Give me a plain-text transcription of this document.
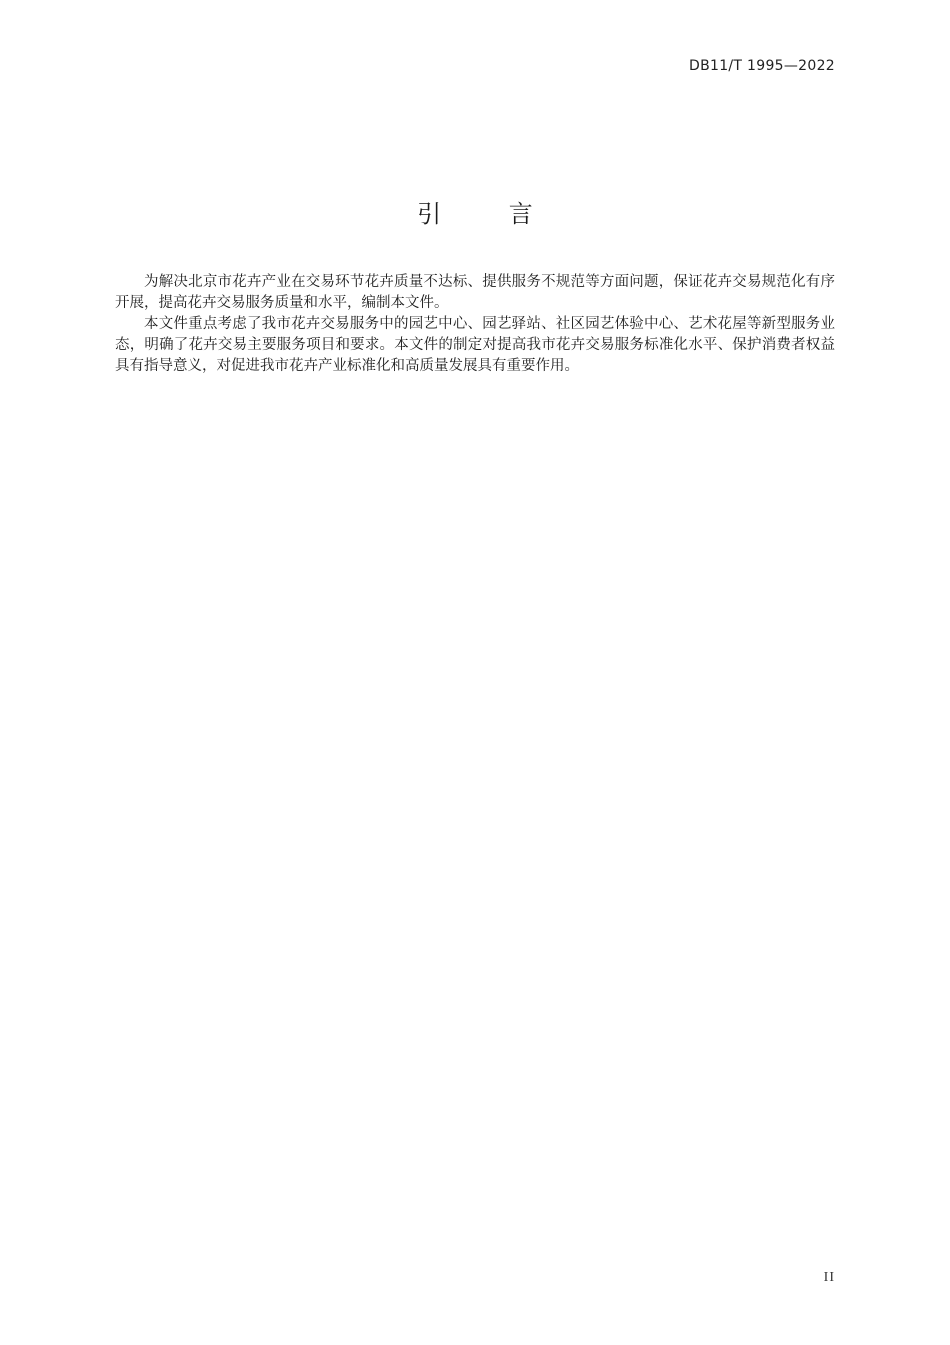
DB11/T 1995—2022
引 言

为解决北京市花卉产业在交易环节花卉质量不达标、提供服务不规范等方面问题，保证花卉交易规范化有序开展，提高花卉交易服务质量和水平，编制本文件。

本文件重点考虑了我市花卉交易服务中的园艺中心、园艺驿站、社区园艺体验中心、艺术花屋等新型服务业态，明确了花卉交易主要服务项目和要求。本文件的制定对提高我市花卉交易服务标准化水平、保护消费者权益具有指导意义，对促进我市花卉产业标准化和高质量发展具有重要作用。

II
